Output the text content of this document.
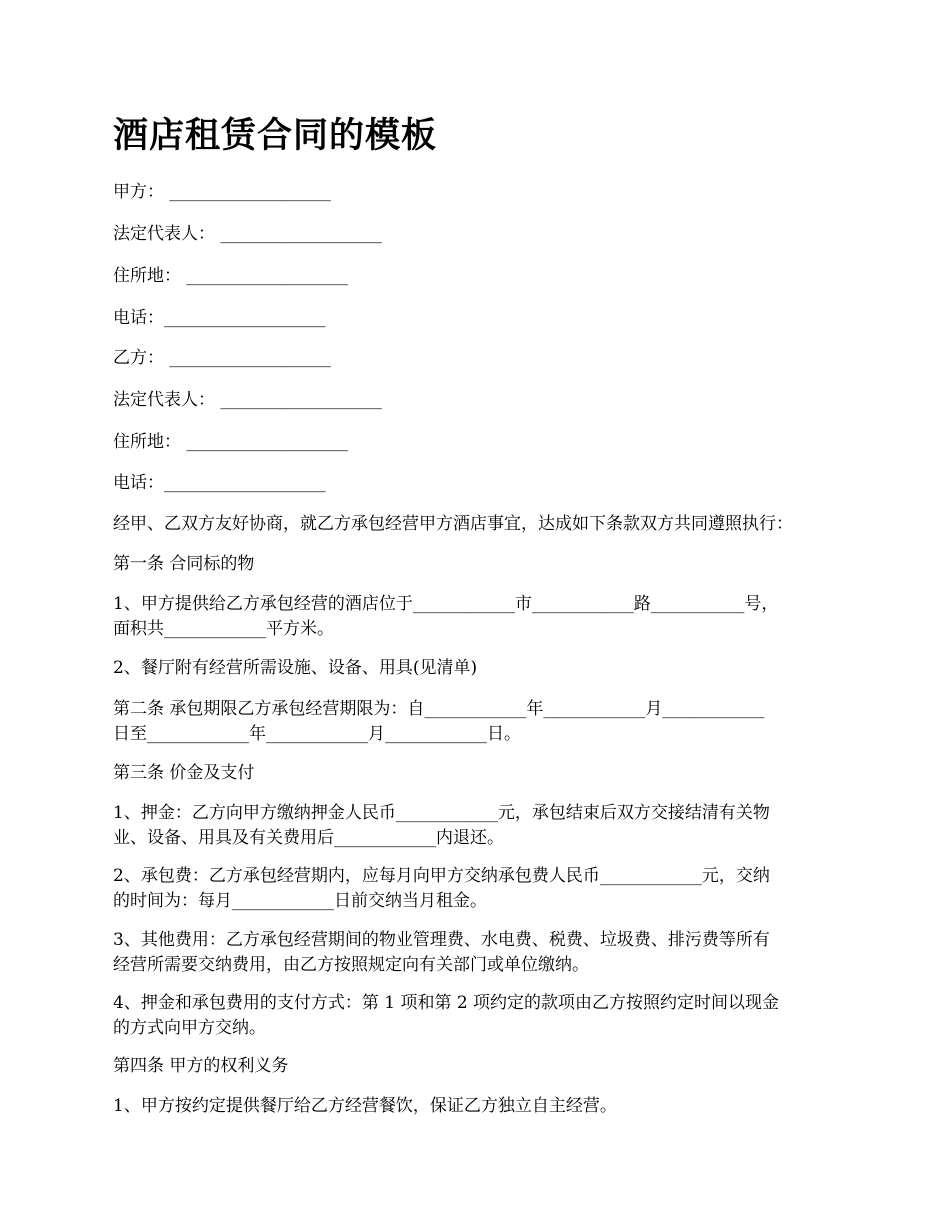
酒店租赁合同的模板
甲方： ___________________
法定代表人： ___________________
住所地： ___________________
电话：___________________
乙方： ___________________
法定代表人： ___________________
住所地： ___________________
电话：___________________
经甲、乙双方友好协商，就乙方承包经营甲方酒店事宜，达成如下条款双方共同遵照执行：
第一条 合同标的物
1、甲方提供给乙方承包经营的酒店位于____________市____________路___________号，
面积共____________平方米。
2、餐厅附有经营所需设施、设备、用具(见清单)
第二条 承包期限乙方承包经营期限为：自____________年____________月____________
日至____________年____________月____________日。
第三条 价金及支付
1、押金：乙方向甲方缴纳押金人民币____________元，承包结束后双方交接结清有关物
业、设备、用具及有关费用后____________内退还。
2、承包费：乙方承包经营期内，应每月向甲方交纳承包费人民币____________元，交纳
的时间为：每月____________日前交纳当月租金。
3、其他费用：乙方承包经营期间的物业管理费、水电费、税费、垃圾费、排污费等所有
经营所需要交纳费用，由乙方按照规定向有关部门或单位缴纳。
4、押金和承包费用的支付方式：第 1 项和第 2 项约定的款项由乙方按照约定时间以现金
的方式向甲方交纳。
第四条 甲方的权利义务
1、甲方按约定提供餐厅给乙方经营餐饮，保证乙方独立自主经营。
